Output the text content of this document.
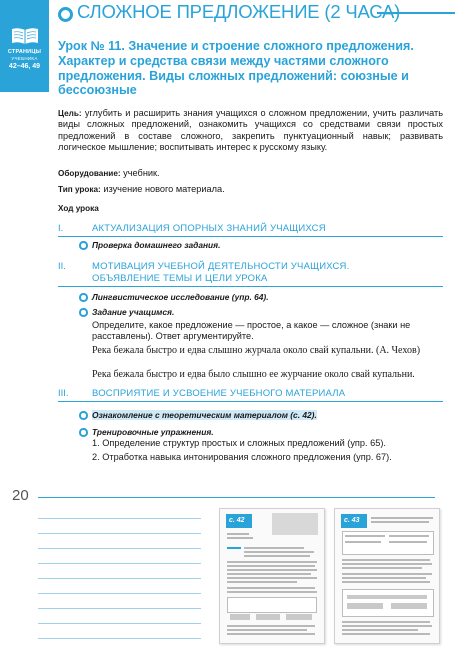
СТРАНИЦЫ
УЧЕБНИКА
42–46, 49
СЛОЖНОЕ ПРЕДЛОЖЕНИЕ (2 ЧАСА)
Урок № 11. Значение и строение сложного предложения. Характер и средства связи между частями сложного предложения. Виды сложных предложений: союзные и бессоюзные
Цель: углубить и расширить знания учащихся о сложном предложении, учить различать виды сложных предложений, ознакомить учащихся со средствами связи простых предложений в составе сложного, закрепить пунктуационный навык; развивать логическое мышление; воспитывать интерес к русскому языку.
Оборудование: учебник.
Тип урока: изучение нового материала.
Ход урока
I.	АКТУАЛИЗАЦИЯ ОПОРНЫХ ЗНАНИЙ УЧАЩИХСЯ
Проверка домашнего задания.
II.	МОТИВАЦИЯ УЧЕБНОЙ ДЕЯТЕЛЬНОСТИ УЧАЩИХСЯ.
ОБЪЯВЛЕНИЕ ТЕМЫ И ЦЕЛИ УРОКА
Лингвистическое исследование (упр. 64).
Задание учащимся.
Определите, какое предложение — простое, а какое — сложное (знаки не расставлены). Ответ аргументируйте.
Река бежала быстро и едва слышно журчала около свай купальни. (А. Чехов)
Река бежала быстро и едва было слышно ее журчание около свай купальни.
III. ВОСПРИЯТИЕ И УСВОЕНИЕ УЧЕБНОГО МАТЕРИАЛА
Ознакомление с теоретическим материалом (с. 42).
Тренировочные упражнения.
1. Определение структур простых и сложных предложений (упр. 65).
2. Отработка навыка интонирования сложного предложения (упр. 67).
20
с. 42	с. 43
